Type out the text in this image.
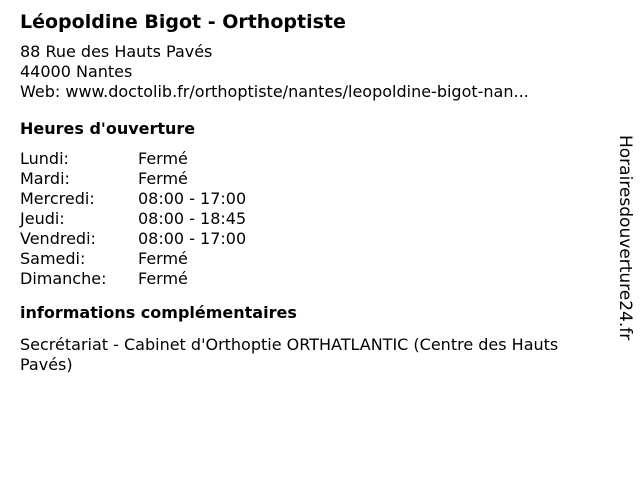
Léopoldine Bigot - Orthoptiste
88 Rue des Hauts Pavés
44000 Nantes
Web: www.doctolib.fr/orthoptiste/nantes/leopoldine-bigot-nan...
Heures d'ouverture
Lundi:	Fermé
Mardi:	Fermé
Mercredi:	08:00 - 17:00
Jeudi:	08:00 - 18:45
Vendredi:	08:00 - 17:00
Samedi:	Fermé
Dimanche:	Fermé
informations complémentaires
Secrétariat - Cabinet d'Orthoptie ORTHATLANTIC (Centre des Hauts Pavés)
Horairesdouverture24.fr
